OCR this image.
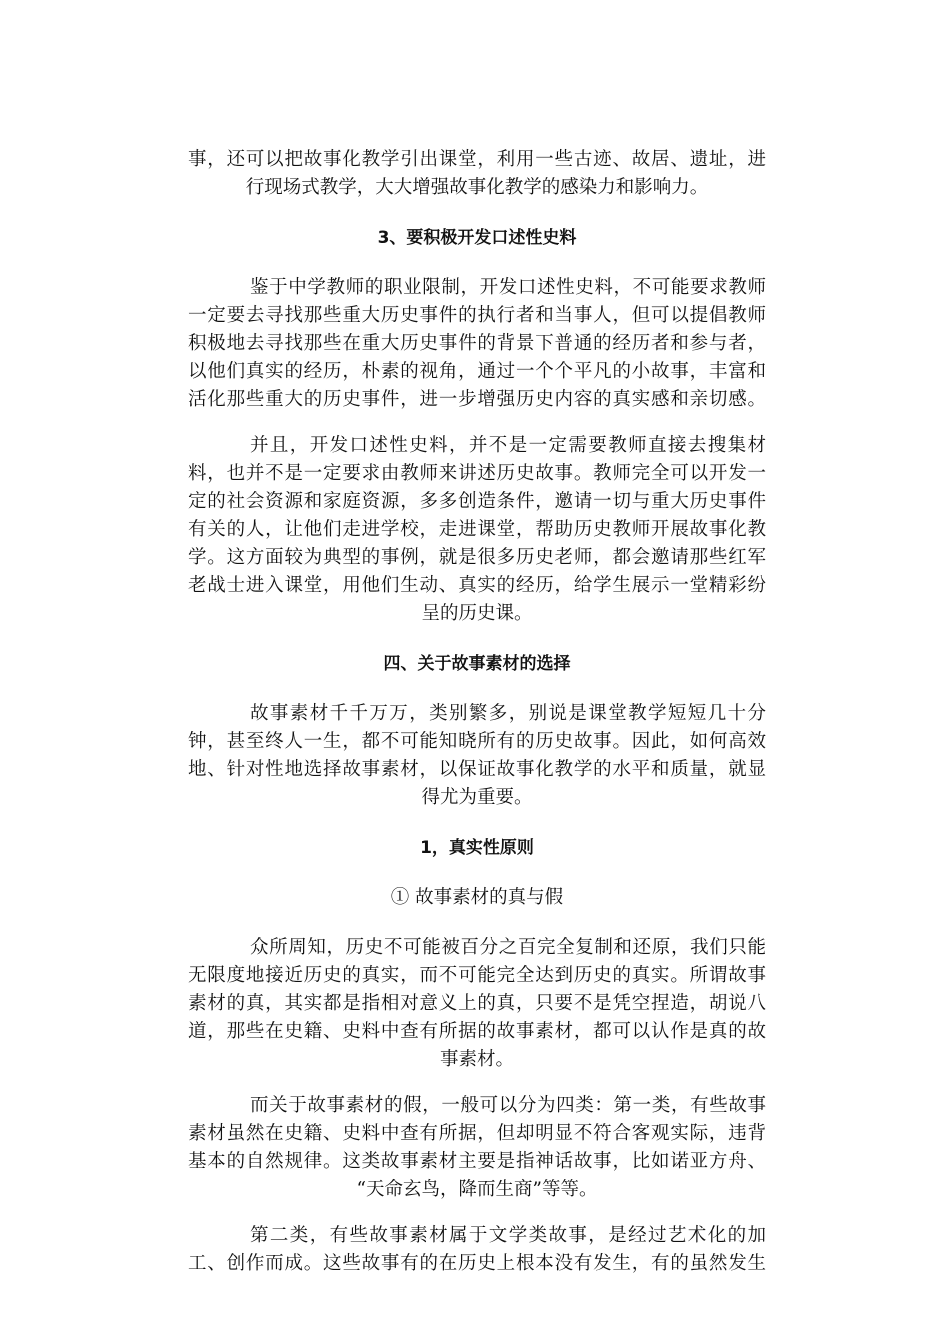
事，还可以把故事化教学引出课堂，利用一些古迹、故居、遗址，进
行现场式教学，大大增强故事化教学的感染力和影响力。
3、要积极开发口述性史料
鉴于中学教师的职业限制，开发口述性史料，不可能要求教师
一定要去寻找那些重大历史事件的执行者和当事人，但可以提倡教师
积极地去寻找那些在重大历史事件的背景下普通的经历者和参与者，
以他们真实的经历，朴素的视角，通过一个个平凡的小故事，丰富和
活化那些重大的历史事件，进一步增强历史内容的真实感和亲切感。
并且，开发口述性史料，并不是一定需要教师直接去搜集材
料，也并不是一定要求由教师来讲述历史故事。教师完全可以开发一
定的社会资源和家庭资源，多多创造条件，邀请一切与重大历史事件
有关的人，让他们走进学校，走进课堂，帮助历史教师开展故事化教
学。这方面较为典型的事例，就是很多历史老师，都会邀请那些红军
老战士进入课堂，用他们生动、真实的经历，给学生展示一堂精彩纷
呈的历史课。
四、关于故事素材的选择
故事素材千千万万，类别繁多，别说是课堂教学短短几十分
钟，甚至终人一生，都不可能知晓所有的历史故事。因此，如何高效
地、针对性地选择故事素材，以保证故事化教学的水平和质量，就显
得尤为重要。
1，真实性原则
① 故事素材的真与假
众所周知，历史不可能被百分之百完全复制和还原，我们只能
无限度地接近历史的真实，而不可能完全达到历史的真实。所谓故事
素材的真，其实都是指相对意义上的真，只要不是凭空捏造，胡说八
道，那些在史籍、史料中查有所据的故事素材，都可以认作是真的故
事素材。
而关于故事素材的假，一般可以分为四类：第一类，有些故事
素材虽然在史籍、史料中查有所据，但却明显不符合客观实际，违背
基本的自然规律。这类故事素材主要是指神话故事，比如诺亚方舟、
“天命玄鸟，降而生商”等等。
第二类，有些故事素材属于文学类故事，是经过艺术化的加
工、创作而成。这些故事有的在历史上根本没有发生，有的虽然发生
